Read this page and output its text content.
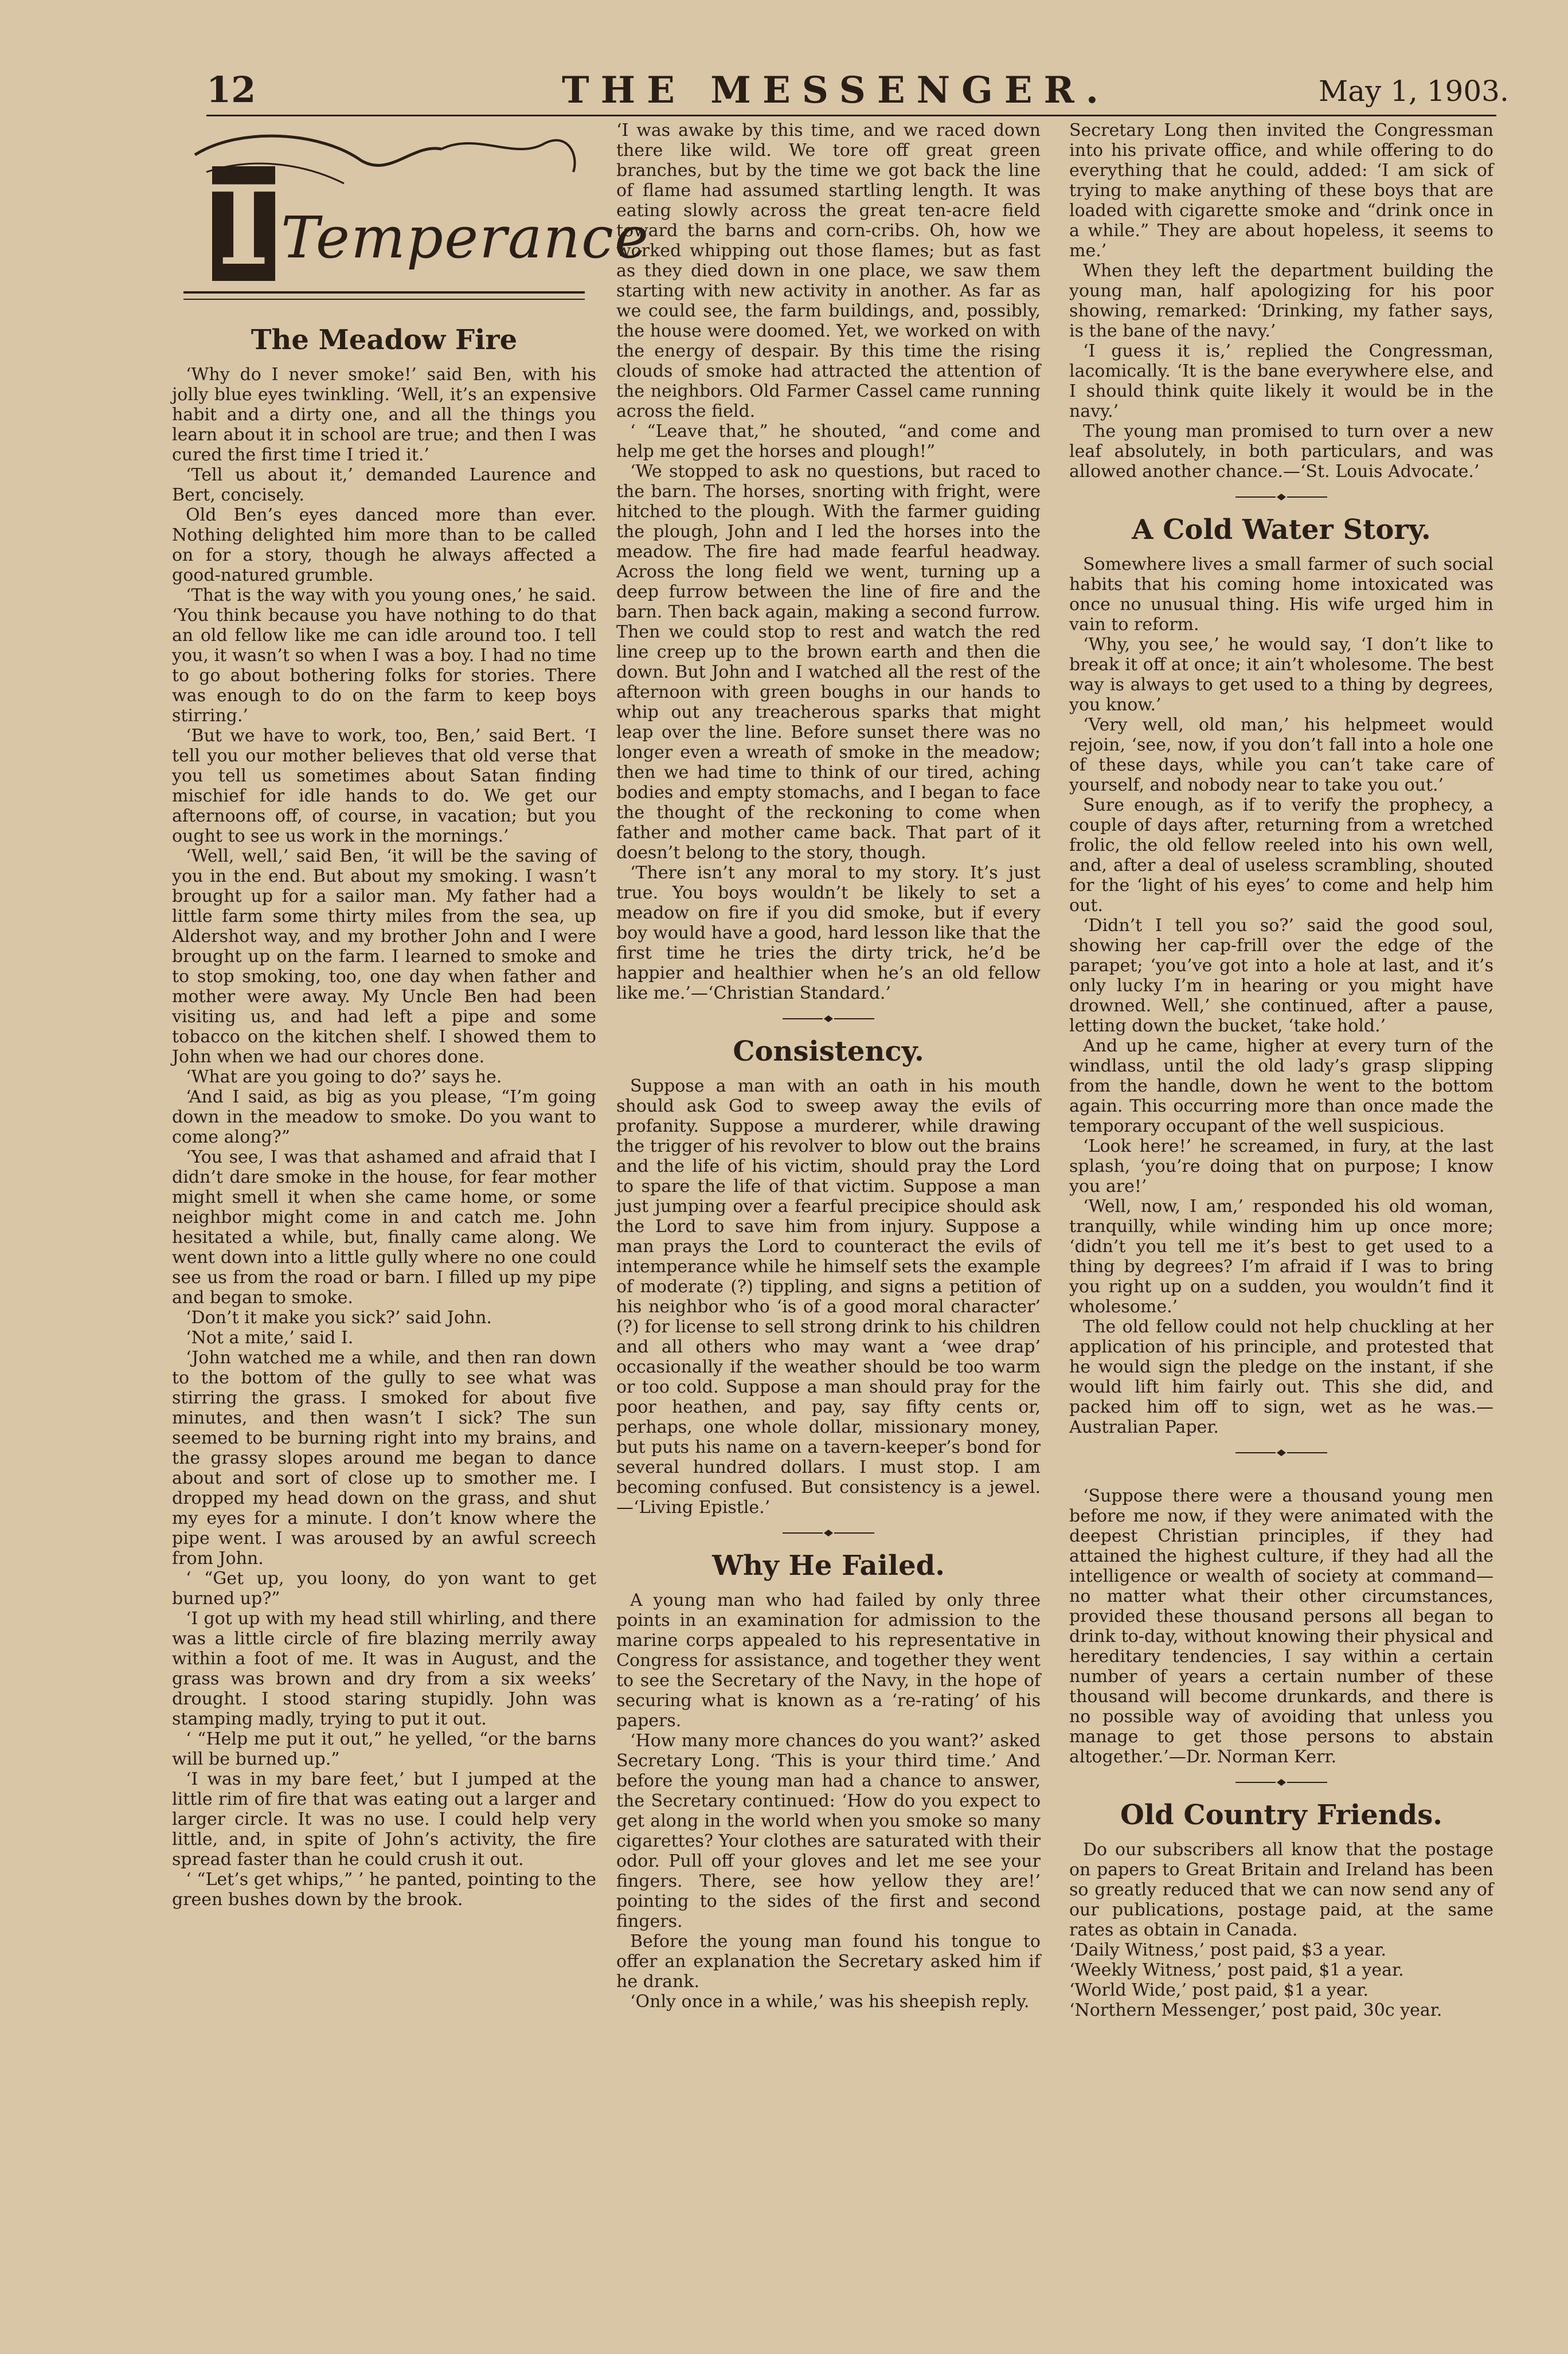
12	THE MESSENGER.	May 1, 1903.
T
Temperance
The Meadow Fire

‘Why do I never smoke!’ said Ben, with his jolly blue eyes twinkling. ‘Well, it’s an expensive habit and a dirty one, and all the things you learn about it in school are true; and then I was cured the first time I tried it.’

‘Tell us about it,’ demanded Laurence and Bert, concisely.

Old Ben’s eyes danced more than ever. Nothing delighted him more than to be called on for a story, though he always affected a good-natured grumble.

‘That is the way with you young ones,’ he said. ‘You think because you have nothing to do that an old fellow like me can idle around too. I tell you, it wasn’t so when I was a boy. I had no time to go about bothering folks for stories. There was enough to do on the farm to keep boys stirring.’

‘But we have to work, too, Ben,’ said Bert. ‘I tell you our mother believes that old verse that you tell us sometimes about Satan finding mischief for idle hands to do. We get our afternoons off, of course, in vacation; but you ought to see us work in the mornings.’

‘Well, well,’ said Ben, ‘it will be the saving of you in the end. But about my smoking. I wasn’t brought up for a sailor man. My father had a little farm some thirty miles from the sea, up Aldershot way, and my brother John and I were brought up on the farm. I learned to smoke and to stop smoking, too, one day when father and mother were away. My Uncle Ben had been visiting us, and had left a pipe and some tobacco on the kitchen shelf. I showed them to John when we had our chores done.

‘What are you going to do?’ says he.

‘And I said, as big as you please, “I’m going down in the meadow to smoke. Do you want to come along?”

‘You see, I was that ashamed and afraid that I didn’t dare smoke in the house, for fear mother might smell it when she came home, or some neighbor might come in and catch me. John hesitated a while, but, finally came along. We went down into a little gully where no one could see us from the road or barn. I filled up my pipe and began to smoke.

‘Don’t it make you sick?’ said John.

‘Not a mite,’ said I.

‘John watched me a while, and then ran down to the bottom of the gully to see what was stirring the grass. I smoked for about five minutes, and then wasn’t I sick? The sun seemed to be burning right into my brains, and the grassy slopes around me began to dance about and sort of close up to smother me. I dropped my head down on the grass, and shut my eyes for a minute. I don’t know where the pipe went. I was aroused by an awful screech from John.

‘ “Get up, you loony, do yon want to get burned up?”

‘I got up with my head still whirling, and there was a little circle of fire blazing merrily away within a foot of me. It was in August, and the grass was brown and dry from a six weeks’ drought. I stood staring stupidly. John was stamping madly, trying to put it out.

‘ “Help me put it out,” he yelled, “or the barns will be burned up.”

‘I was in my bare feet,’ but I jumped at the little rim of fire that was eating out a larger and larger circle. It was no use. I could help very little, and, in spite of John’s activity, the fire spread faster than he could crush it out.

‘ “Let’s get whips,” ’ he panted, pointing to the green bushes down by the brook.

‘I was awake by this time, and we raced down there like wild. We tore off great green branches, but by the time we got back the line of flame had assumed startling length. It was eating slowly across the great ten-acre field toward the barns and corn-cribs. Oh, how we worked whipping out those flames; but as fast as they died down in one place, we saw them starting with new activity in another. As far as we could see, the farm buildings, and, possibly, the house were doomed. Yet, we worked on with the energy of despair. By this time the rising clouds of smoke had attracted the attention of the neighbors. Old Farmer Cassel came running across the field.

‘ “Leave that,” he shouted, “and come and help me get the horses and plough!”

‘We stopped to ask no questions, but raced to the barn. The horses, snorting with fright, were hitched to the plough. With the farmer guiding the plough, John and I led the horses into the meadow. The fire had made fearful headway. Across the long field we went, turning up a deep furrow between the line of fire and the barn. Then back again, making a second furrow. Then we could stop to rest and watch the red line creep up to the brown earth and then die down. But John and I watched all the rest of the afternoon with green boughs in our hands to whip out any treacherous sparks that might leap over the line. Before sunset there was no longer even a wreath of smoke in the meadow; then we had time to think of our tired, aching bodies and empty stomachs, and I began to face the thought of the reckoning to come when father and mother came back. That part of it doesn’t belong to the story, though.

‘There isn’t any moral to my story. It’s just true. You boys wouldn’t be likely to set a meadow on fire if you did smoke, but if every boy would have a good, hard lesson like that the first time he tries the dirty trick, he’d be happier and healthier when he’s an old fellow like me.’—‘Christian Standard.’

Consistency.

Suppose a man with an oath in his mouth should ask God to sweep away the evils of profanity. Suppose a murderer, while drawing the trigger of his revolver to blow out the brains and the life of his victim, should pray the Lord to spare the life of that victim. Suppose a man just jumping over a fearful precipice should ask the Lord to save him from injury. Suppose a man prays the Lord to counteract the evils of intemperance while he himself sets the example of moderate (?) tippling, and signs a petition of his neighbor who ‘is of a good moral character’ (?) for license to sell strong drink to his children and all others who may want a ‘wee drap’ occasionally if the weather should be too warm or too cold. Suppose a man should pray for the poor heathen, and pay, say fifty cents or, perhaps, one whole dollar, missionary money, but puts his name on a tavern-keeper’s bond for several hundred dollars. I must stop. I am becoming confused. But consistency is a jewel.—‘Living Epistle.’

Why He Failed.

A young man who had failed by only three points in an examination for admission to the marine corps appealed to his representative in Congress for assistance, and together they went to see the Secretary of the Navy, in the hope of securing what is known as a ‘re-rating’ of his papers.

‘How many more chances do you want?’ asked Secretary Long. ‘This is your third time.’ And before the young man had a chance to answer, the Secretary continued: ‘How do you expect to get along in the world when you smoke so many cigarettes? Your clothes are saturated with their odor. Pull off your gloves and let me see your fingers. There, see how yellow they are!’ pointing to the sides of the first and second fingers.

Before the young man found his tongue to offer an explanation the Secretary asked him if he drank.

‘Only once in a while,’ was his sheepish reply.

Secretary Long then invited the Congressman into his private office, and while offering to do everything that he could, added: ‘I am sick of trying to make anything of these boys that are loaded with cigarette smoke and “drink once in a while.” They are about hopeless, it seems to me.’

When they left the department building the young man, half apologizing for his poor showing, remarked: ‘Drinking, my father says, is the bane of the navy.’

‘I guess it is,’ replied the Congressman, lacomically. ‘It is the bane everywhere else, and I should think quite likely it would be in the navy.’

The young man promised to turn over a new leaf absolutely, in both particulars, and was allowed another chance.—‘St. Louis Advocate.’

A Cold Water Story.

Somewhere lives a small farmer of such social habits that his coming home intoxicated was once no unusual thing. His wife urged him in vain to reform.

‘Why, you see,’ he would say, ‘I don’t like to break it off at once; it ain’t wholesome. The best way is always to get used to a thing by degrees, you know.’

‘Very well, old man,’ his helpmeet would rejoin, ‘see, now, if you don’t fall into a hole one of these days, while you can’t take care of yourself, and nobody near to take you out.’

Sure enough, as if to verify the prophecy, a couple of days after, returning from a wretched frolic, the old fellow reeled into his own well, and, after a deal of useless scrambling, shouted for the ‘light of his eyes’ to come and help him out.

‘Didn’t I tell you so?’ said the good soul, showing her cap-frill over the edge of the parapet; ‘you’ve got into a hole at last, and it’s only lucky I’m in hearing or you might have drowned. Well,’ she continued, after a pause, letting down the bucket, ‘take hold.’

And up he came, higher at every turn of the windlass, until the old lady’s grasp slipping from the handle, down he went to the bottom again. This occurring more than once made the temporary occupant of the well suspicious.

‘Look here!’ he screamed, in fury, at the last splash, ‘you’re doing that on purpose; I know you are!’

‘Well, now, I am,’ responded his old woman, tranquilly, while winding him up once more; ‘didn’t you tell me it’s best to get used to a thing by degrees? I’m afraid if I was to bring you right up on a sudden, you wouldn’t find it wholesome.’

The old fellow could not help chuckling at her application of his principle, and protested that he would sign the pledge on the instant, if she would lift him fairly out. This she did, and packed him off to sign, wet as he was.—Australian Paper.

‘Suppose there were a thousand young men before me now, if they were animated with the deepest Christian principles, if they had attained the highest culture, if they had all the intelligence or wealth of society at command—no matter what their other circumstances, provided these thousand persons all began to drink to-day, without knowing their physical and hereditary tendencies, I say within a certain number of years a certain number of these thousand will become drunkards, and there is no possible way of avoiding that unless you manage to get those persons to abstain altogether.’—Dr. Norman Kerr.

Old Country Friends.

Do our subscribers all know that the postage on papers to Great Britain and Ireland has been so greatly reduced that we can now send any of our publications, postage paid, at the same rates as obtain in Canada.

‘Daily Witness,’ post paid, $3 a year.

‘Weekly Witness,’ post paid, $1 a year.

‘World Wide,’ post paid, $1 a year.

‘Northern Messenger,’ post paid, 30c year.
